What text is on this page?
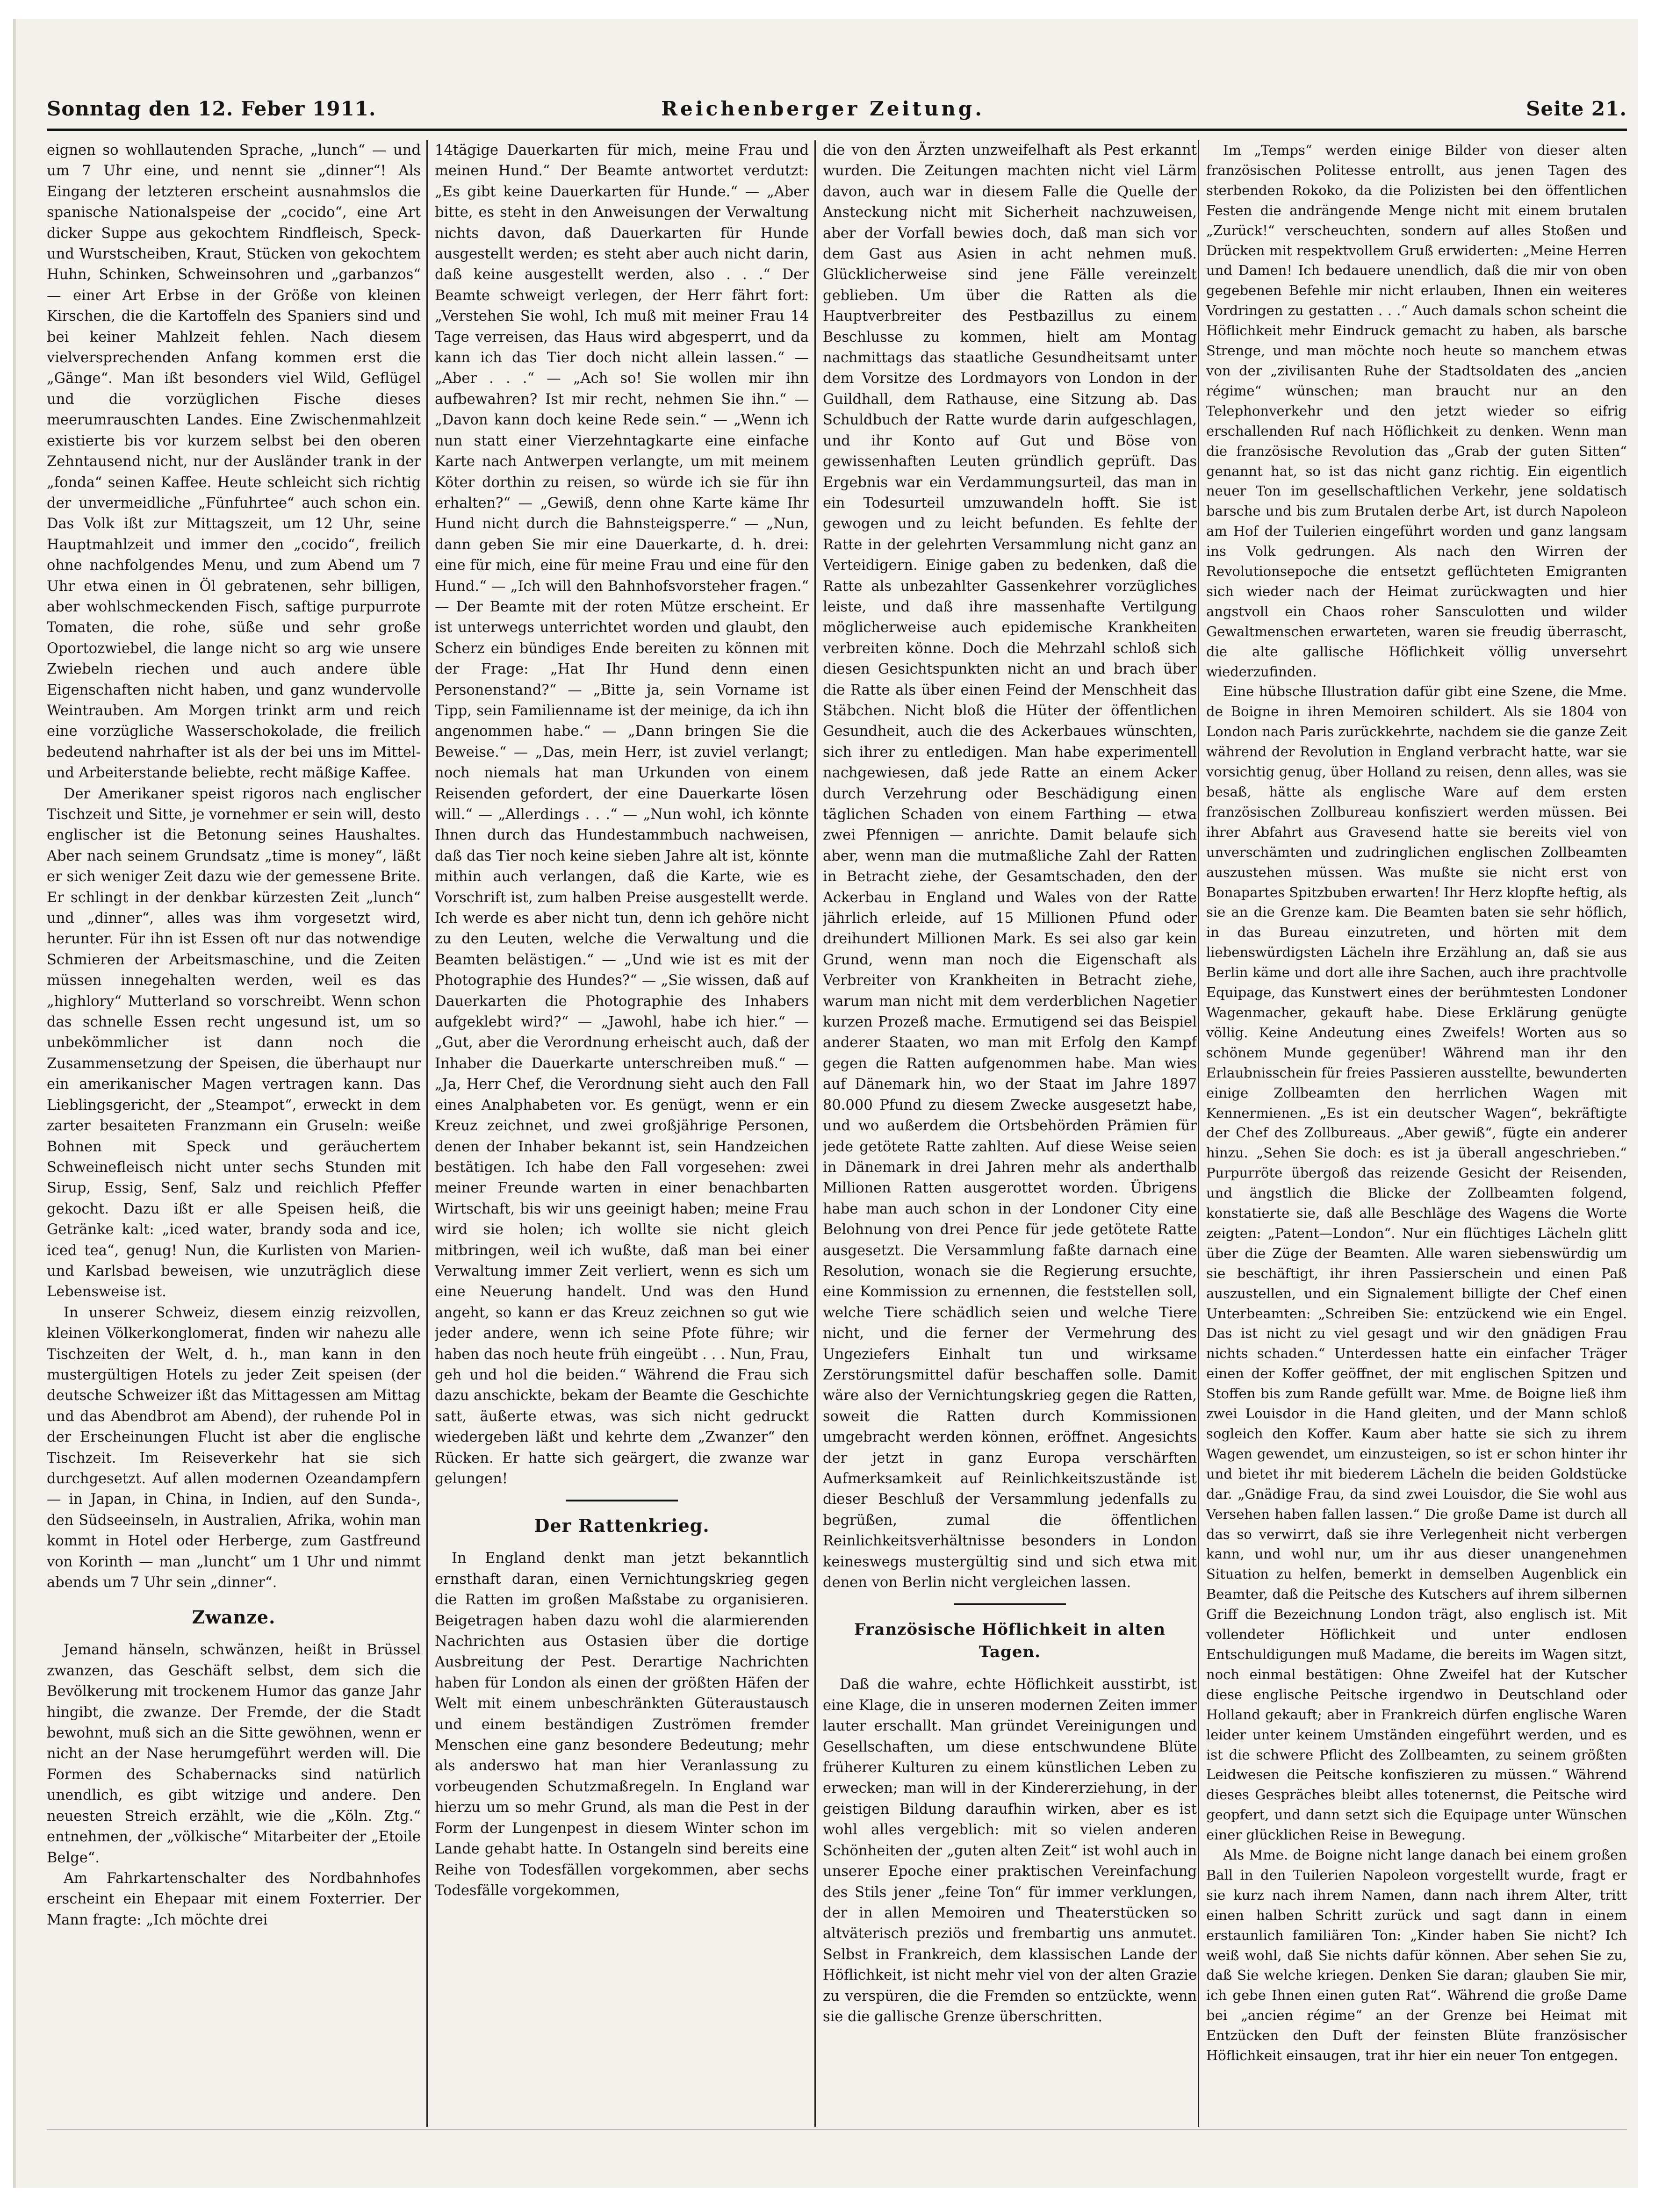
Sonntag den 12. Feber 1911.	Reichenberger Zeitung.	Seite 21.

eignen so wohllautenden Sprache, „lunch“ — und um 7 Uhr eine, und nennt sie „dinner“! Als Eingang der letzteren erscheint ausnahmslos die spanische Nationalspeise der „cocido“, eine Art dicker Suppe aus gekochtem Rindfleisch, Speck- und Wurstscheiben, Kraut, Stücken von gekochtem Huhn, Schinken, Schweinsohren und „garbanzos“ — einer Art Erbse in der Größe von kleinen Kirschen, die die Kartoffeln des Spaniers sind und bei keiner Mahlzeit fehlen. Nach diesem vielversprechenden Anfang kommen erst die „Gänge“. Man ißt besonders viel Wild, Geflügel und die vorzüglichen Fische dieses meerumrauschten Landes. Eine Zwischenmahlzeit existierte bis vor kurzem selbst bei den oberen Zehntausend nicht, nur der Ausländer trank in der „fonda“ seinen Kaffee. Heute schleicht sich richtig der unvermeidliche „Fünfuhrtee“ auch schon ein. Das Volk ißt zur Mittagszeit, um 12 Uhr, seine Hauptmahlzeit und immer den „cocido“, freilich ohne nachfolgendes Menu, und zum Abend um 7 Uhr etwa einen in Öl gebratenen, sehr billigen, aber wohlschmeckenden Fisch, saftige purpurrote Tomaten, die rohe, süße und sehr große Oportozwiebel, die lange nicht so arg wie unsere Zwiebeln riechen und auch andere üble Eigenschaften nicht haben, und ganz wundervolle Weintrauben. Am Morgen trinkt arm und reich eine vorzügliche Wasserschokolade, die freilich bedeutend nahrhafter ist als der bei uns im Mittel- und Arbeiterstande beliebte, recht mäßige Kaffee.

Der Amerikaner speist rigoros nach englischer Tischzeit und Sitte, je vornehmer er sein will, desto englischer ist die Betonung seines Haushaltes. Aber nach seinem Grundsatz „time is money“, läßt er sich weniger Zeit dazu wie der gemessene Brite. Er schlingt in der denkbar kürzesten Zeit „lunch“ und „dinner“, alles was ihm vorgesetzt wird, herunter. Für ihn ist Essen oft nur das notwendige Schmieren der Arbeitsmaschine, und die Zeiten müssen innegehalten werden, weil es das „highlory“ Mutterland so vorschreibt. Wenn schon das schnelle Essen recht ungesund ist, um so unbekömmlicher ist dann noch die Zusammensetzung der Speisen, die überhaupt nur ein amerikanischer Magen vertragen kann. Das Lieblingsgericht, der „Steampot“, erweckt in dem zarter besaiteten Franzmann ein Gruseln: weiße Bohnen mit Speck und geräuchertem Schweinefleisch nicht unter sechs Stunden mit Sirup, Essig, Senf, Salz und reichlich Pfeffer gekocht. Dazu ißt er alle Speisen heiß, die Getränke kalt: „iced water, brandy soda and ice, iced tea“, genug! Nun, die Kurlisten von Marien- und Karlsbad beweisen, wie unzuträglich diese Lebensweise ist.

In unserer Schweiz, diesem einzig reizvollen, kleinen Völkerkonglomerat, finden wir nahezu alle Tischzeiten der Welt, d. h., man kann in den mustergültigen Hotels zu jeder Zeit speisen (der deutsche Schweizer ißt das Mittagessen am Mittag und das Abendbrot am Abend), der ruhende Pol in der Erscheinungen Flucht ist aber die englische Tischzeit. Im Reiseverkehr hat sie sich durchgesetzt. Auf allen modernen Ozeandampfern — in Japan, in China, in Indien, auf den Sunda-, den Südseeinseln, in Australien, Afrika, wohin man kommt in Hotel oder Herberge, zum Gastfreund von Korinth — man „luncht“ um 1 Uhr und nimmt abends um 7 Uhr sein „dinner“.

Zwanze.

Jemand hänseln, schwänzen, heißt in Brüssel zwanzen, das Geschäft selbst, dem sich die Bevölkerung mit trockenem Humor das ganze Jahr hingibt, die zwanze. Der Fremde, der die Stadt bewohnt, muß sich an die Sitte gewöhnen, wenn er nicht an der Nase herumgeführt werden will. Die Formen des Schabernacks sind natürlich unendlich, es gibt witzige und andere. Den neuesten Streich erzählt, wie die „Köln. Ztg.“ entnehmen, der „völkische“ Mitarbeiter der „Etoile Belge“.

Am Fahrkartenschalter des Nordbahnhofes erscheint ein Ehepaar mit einem Foxterrier. Der Mann fragte: „Ich möchte drei

14tägige Dauerkarten für mich, meine Frau und meinen Hund.“ Der Beamte antwortet verdutzt: „Es gibt keine Dauerkarten für Hunde.“ — „Aber bitte, es steht in den Anweisungen der Verwaltung nichts davon, daß Dauerkarten für Hunde ausgestellt werden; es steht aber auch nicht darin, daß keine ausgestellt werden, also . . .“ Der Beamte schweigt verlegen, der Herr fährt fort: „Verstehen Sie wohl, Ich muß mit meiner Frau 14 Tage verreisen, das Haus wird abgesperrt, und da kann ich das Tier doch nicht allein lassen.“ — „Aber . . .“ — „Ach so! Sie wollen mir ihn aufbewahren? Ist mir recht, nehmen Sie ihn.“ — „Davon kann doch keine Rede sein.“ — „Wenn ich nun statt einer Vierzehntagkarte eine einfache Karte nach Antwerpen verlangte, um mit meinem Köter dorthin zu reisen, so würde ich sie für ihn erhalten?“ — „Gewiß, denn ohne Karte käme Ihr Hund nicht durch die Bahnsteigsperre.“ — „Nun, dann geben Sie mir eine Dauerkarte, d. h. drei: eine für mich, eine für meine Frau und eine für den Hund.“ — „Ich will den Bahnhofsvorsteher fragen.“ — Der Beamte mit der roten Mütze erscheint. Er ist unterwegs unterrichtet worden und glaubt, den Scherz ein bündiges Ende bereiten zu können mit der Frage: „Hat Ihr Hund denn einen Personenstand?“ — „Bitte ja, sein Vorname ist Tipp, sein Familienname ist der meinige, da ich ihn angenommen habe.“ — „Dann bringen Sie die Beweise.“ — „Das, mein Herr, ist zuviel verlangt; noch niemals hat man Urkunden von einem Reisenden gefordert, der eine Dauerkarte lösen will.“ — „Allerdings . . .“ — „Nun wohl, ich könnte Ihnen durch das Hundestammbuch nachweisen, daß das Tier noch keine sieben Jahre alt ist, könnte mithin auch verlangen, daß die Karte, wie es Vorschrift ist, zum halben Preise ausgestellt werde. Ich werde es aber nicht tun, denn ich gehöre nicht zu den Leuten, welche die Verwaltung und die Beamten belästigen.“ — „Und wie ist es mit der Photographie des Hundes?“ — „Sie wissen, daß auf Dauerkarten die Photographie des Inhabers aufgeklebt wird?“ — „Jawohl, habe ich hier.“ — „Gut, aber die Verordnung erheischt auch, daß der Inhaber die Dauerkarte unterschreiben muß.“ — „Ja, Herr Chef, die Verordnung sieht auch den Fall eines Analphabeten vor. Es genügt, wenn er ein Kreuz zeichnet, und zwei großjährige Personen, denen der Inhaber bekannt ist, sein Handzeichen bestätigen. Ich habe den Fall vorgesehen: zwei meiner Freunde warten in einer benachbarten Wirtschaft, bis wir uns geeinigt haben; meine Frau wird sie holen; ich wollte sie nicht gleich mitbringen, weil ich wußte, daß man bei einer Verwaltung immer Zeit verliert, wenn es sich um eine Neuerung handelt. Und was den Hund angeht, so kann er das Kreuz zeichnen so gut wie jeder andere, wenn ich seine Pfote führe; wir haben das noch heute früh eingeübt . . . Nun, Frau, geh und hol die beiden.“ Während die Frau sich dazu anschickte, bekam der Beamte die Geschichte satt, äußerte etwas, was sich nicht gedruckt wiedergeben läßt und kehrte dem „Zwanzer“ den Rücken. Er hatte sich geärgert, die zwanze war gelungen!

Der Rattenkrieg.

In England denkt man jetzt bekanntlich ernsthaft daran, einen Vernichtungskrieg gegen die Ratten im großen Maßstabe zu organisieren. Beigetragen haben dazu wohl die alarmierenden Nachrichten aus Ostasien über die dortige Ausbreitung der Pest. Derartige Nachrichten haben für London als einen der größten Häfen der Welt mit einem unbeschränkten Güteraustausch und einem beständigen Zuströmen fremder Menschen eine ganz besondere Bedeutung; mehr als anderswo hat man hier Veranlassung zu vorbeugenden Schutzmaßregeln. In England war hierzu um so mehr Grund, als man die Pest in der Form der Lungenpest in diesem Winter schon im Lande gehabt hatte. In Ostangeln sind bereits eine Reihe von Todesfällen vorgekommen, aber sechs Todesfälle vorgekommen,

die von den Ärzten unzweifelhaft als Pest erkannt wurden. Die Zeitungen machten nicht viel Lärm davon, auch war in diesem Falle die Quelle der Ansteckung nicht mit Sicherheit nachzuweisen, aber der Vorfall bewies doch, daß man sich vor dem Gast aus Asien in acht nehmen muß. Glücklicherweise sind jene Fälle vereinzelt geblieben. Um über die Ratten als die Hauptverbreiter des Pestbazillus zu einem Beschlusse zu kommen, hielt am Montag nachmittags das staatliche Gesundheitsamt unter dem Vorsitze des Lordmayors von London in der Guildhall, dem Rathause, eine Sitzung ab. Das Schuldbuch der Ratte wurde darin aufgeschlagen, und ihr Konto auf Gut und Böse von gewissenhaften Leuten gründlich geprüft. Das Ergebnis war ein Verdammungsurteil, das man in ein Todesurteil umzuwandeln hofft. Sie ist gewogen und zu leicht befunden. Es fehlte der Ratte in der gelehrten Versammlung nicht ganz an Verteidigern. Einige gaben zu bedenken, daß die Ratte als unbezahlter Gassenkehrer vorzügliches leiste, und daß ihre massenhafte Vertilgung möglicherweise auch epidemische Krankheiten verbreiten könne. Doch die Mehrzahl schloß sich diesen Gesichtspunkten nicht an und brach über die Ratte als über einen Feind der Menschheit das Stäbchen. Nicht bloß die Hüter der öffentlichen Gesundheit, auch die des Ackerbaues wünschten, sich ihrer zu entledigen. Man habe experimentell nachgewiesen, daß jede Ratte an einem Acker durch Verzehrung oder Beschädigung einen täglichen Schaden von einem Farthing — etwa zwei Pfennigen — anrichte. Damit belaufe sich aber, wenn man die mutmaßliche Zahl der Ratten in Betracht ziehe, der Gesamtschaden, den der Ackerbau in England und Wales von der Ratte jährlich erleide, auf 15 Millionen Pfund oder dreihundert Millionen Mark. Es sei also gar kein Grund, wenn man noch die Eigenschaft als Verbreiter von Krankheiten in Betracht ziehe, warum man nicht mit dem verderblichen Nagetier kurzen Prozeß mache. Ermutigend sei das Beispiel anderer Staaten, wo man mit Erfolg den Kampf gegen die Ratten aufgenommen habe. Man wies auf Dänemark hin, wo der Staat im Jahre 1897 80.000 Pfund zu diesem Zwecke ausgesetzt habe, und wo außerdem die Ortsbehörden Prämien für jede getötete Ratte zahlten. Auf diese Weise seien in Dänemark in drei Jahren mehr als anderthalb Millionen Ratten ausgerottet worden. Übrigens habe man auch schon in der Londoner City eine Belohnung von drei Pence für jede getötete Ratte ausgesetzt. Die Versammlung faßte darnach eine Resolution, wonach sie die Regierung ersuchte, eine Kommission zu ernennen, die feststellen soll, welche Tiere schädlich seien und welche Tiere nicht, und die ferner der Vermehrung des Ungeziefers Einhalt tun und wirksame Zerstörungsmittel dafür beschaffen solle. Damit wäre also der Vernichtungskrieg gegen die Ratten, soweit die Ratten durch Kommissionen umgebracht werden können, eröffnet. Angesichts der jetzt in ganz Europa verschärften Aufmerksamkeit auf Reinlichkeitszustände ist dieser Beschluß der Versammlung jedenfalls zu begrüßen, zumal die öffentlichen Reinlichkeitsverhältnisse besonders in London keineswegs mustergültig sind und sich etwa mit denen von Berlin nicht vergleichen lassen.

Französische Höflichkeit in alten Tagen.

Daß die wahre, echte Höflichkeit ausstirbt, ist eine Klage, die in unseren modernen Zeiten immer lauter erschallt. Man gründet Vereinigungen und Gesellschaften, um diese entschwundene Blüte früherer Kulturen zu einem künstlichen Leben zu erwecken; man will in der Kindererziehung, in der geistigen Bildung daraufhin wirken, aber es ist wohl alles vergeblich: mit so vielen anderen Schönheiten der „guten alten Zeit“ ist wohl auch in unserer Epoche einer praktischen Vereinfachung des Stils jener „feine Ton“ für immer verklungen, der in allen Memoiren und Theaterstücken so altväterisch preziös und frembartig uns anmutet. Selbst in Frankreich, dem klassischen Lande der Höflichkeit, ist nicht mehr viel von der alten Grazie zu verspüren, die die Fremden so entzückte, wenn sie die gallische Grenze überschritten.

Im „Temps“ werden einige Bilder von dieser alten französischen Politesse entrollt, aus jenen Tagen des sterbenden Rokoko, da die Polizisten bei den öffentlichen Festen die andrängende Menge nicht mit einem brutalen „Zurück!“ verscheuchten, sondern auf alles Stoßen und Drücken mit respektvollem Gruß erwiderten: „Meine Herren und Damen! Ich bedauere unendlich, daß die mir von oben gegebenen Befehle mir nicht erlauben, Ihnen ein weiteres Vordringen zu gestatten . . .“ Auch damals schon scheint die Höflichkeit mehr Eindruck gemacht zu haben, als barsche Strenge, und man möchte noch heute so manchem etwas von der „zivilisanten Ruhe der Stadtsoldaten des „ancien régime“ wünschen; man braucht nur an den Telephonverkehr und den jetzt wieder so eifrig erschallenden Ruf nach Höflichkeit zu denken. Wenn man die französische Revolution das „Grab der guten Sitten“ genannt hat, so ist das nicht ganz richtig. Ein eigentlich neuer Ton im gesellschaftlichen Verkehr, jene soldatisch barsche und bis zum Brutalen derbe Art, ist durch Napoleon am Hof der Tuilerien eingeführt worden und ganz langsam ins Volk gedrungen. Als nach den Wirren der Revolutionsepoche die entsetzt geflüchteten Emigranten sich wieder nach der Heimat zurückwagten und hier angstvoll ein Chaos roher Sansculotten und wilder Gewaltmenschen erwarteten, waren sie freudig überrascht, die alte gallische Höflichkeit völlig unversehrt wiederzufinden.

Eine hübsche Illustration dafür gibt eine Szene, die Mme. de Boigne in ihren Memoiren schildert. Als sie 1804 von London nach Paris zurückkehrte, nachdem sie die ganze Zeit während der Revolution in England verbracht hatte, war sie vorsichtig genug, über Holland zu reisen, denn alles, was sie besaß, hätte als englische Ware auf dem ersten französischen Zollbureau konfisziert werden müssen. Bei ihrer Abfahrt aus Gravesend hatte sie bereits viel von unverschämten und zudringlichen englischen Zollbeamten auszustehen müssen. Was mußte sie nicht erst von Bonapartes Spitzbuben erwarten! Ihr Herz klopfte heftig, als sie an die Grenze kam. Die Beamten baten sie sehr höflich, in das Bureau einzutreten, und hörten mit dem liebenswürdigsten Lächeln ihre Erzählung an, daß sie aus Berlin käme und dort alle ihre Sachen, auch ihre prachtvolle Equipage, das Kunstwert eines der berühmtesten Londoner Wagenmacher, gekauft habe. Diese Erklärung genügte völlig. Keine Andeutung eines Zweifels! Worten aus so schönem Munde gegenüber! Während man ihr den Erlaubnisschein für freies Passieren ausstellte, bewunderten einige Zollbeamten den herrlichen Wagen mit Kennermienen. „Es ist ein deutscher Wagen“, bekräftigte der Chef des Zollbureaus. „Aber gewiß“, fügte ein anderer hinzu. „Sehen Sie doch: es ist ja überall angeschrieben.“ Purpurröte übergoß das reizende Gesicht der Reisenden, und ängstlich die Blicke der Zollbeamten folgend, konstatierte sie, daß alle Beschläge des Wagens die Worte zeigten: „Patent—London“. Nur ein flüchtiges Lächeln glitt über die Züge der Beamten. Alle waren siebenswürdig um sie beschäftigt, ihr ihren Passierschein und einen Paß auszustellen, und ein Signalement billigte der Chef einen Unterbeamten: „Schreiben Sie: entzückend wie ein Engel. Das ist nicht zu viel gesagt und wir den gnädigen Frau nichts schaden.“ Unterdessen hatte ein einfacher Träger einen der Koffer geöffnet, der mit englischen Spitzen und Stoffen bis zum Rande gefüllt war. Mme. de Boigne ließ ihm zwei Louisdor in die Hand gleiten, und der Mann schloß sogleich den Koffer. Kaum aber hatte sie sich zu ihrem Wagen gewendet, um einzusteigen, so ist er schon hinter ihr und bietet ihr mit biederem Lächeln die beiden Goldstücke dar. „Gnädige Frau, da sind zwei Louisdor, die Sie wohl aus Versehen haben fallen lassen.“ Die große Dame ist durch all das so verwirrt, daß sie ihre Verlegenheit nicht verbergen kann, und wohl nur, um ihr aus dieser unangenehmen Situation zu helfen, bemerkt in demselben Augenblick ein Beamter, daß die Peitsche des Kutschers auf ihrem silbernen Griff die Bezeichnung London trägt, also englisch ist. Mit vollendeter Höflichkeit und unter endlosen Entschuldigungen muß Madame, die bereits im Wagen sitzt, noch einmal bestätigen: Ohne Zweifel hat der Kutscher diese englische Peitsche irgendwo in Deutschland oder Holland gekauft; aber in Frankreich dürfen englische Waren leider unter keinem Umständen eingeführt werden, und es ist die schwere Pflicht des Zollbeamten, zu seinem größten Leidwesen die Peitsche konfiszieren zu müssen.“ Während dieses Gespräches bleibt alles totenernst, die Peitsche wird geopfert, und dann setzt sich die Equipage unter Wünschen einer glücklichen Reise in Bewegung.

Als Mme. de Boigne nicht lange danach bei einem großen Ball in den Tuilerien Napoleon vorgestellt wurde, fragt er sie kurz nach ihrem Namen, dann nach ihrem Alter, tritt einen halben Schritt zurück und sagt dann in einem erstaunlich familiären Ton: „Kinder haben Sie nicht? Ich weiß wohl, daß Sie nichts dafür können. Aber sehen Sie zu, daß Sie welche kriegen. Denken Sie daran; glauben Sie mir, ich gebe Ihnen einen guten Rat“. Während die große Dame bei „ancien régime“ an der Grenze bei Heimat mit Entzücken den Duft der feinsten Blüte französischer Höflichkeit einsaugen, trat ihr hier ein neuer Ton entgegen.
